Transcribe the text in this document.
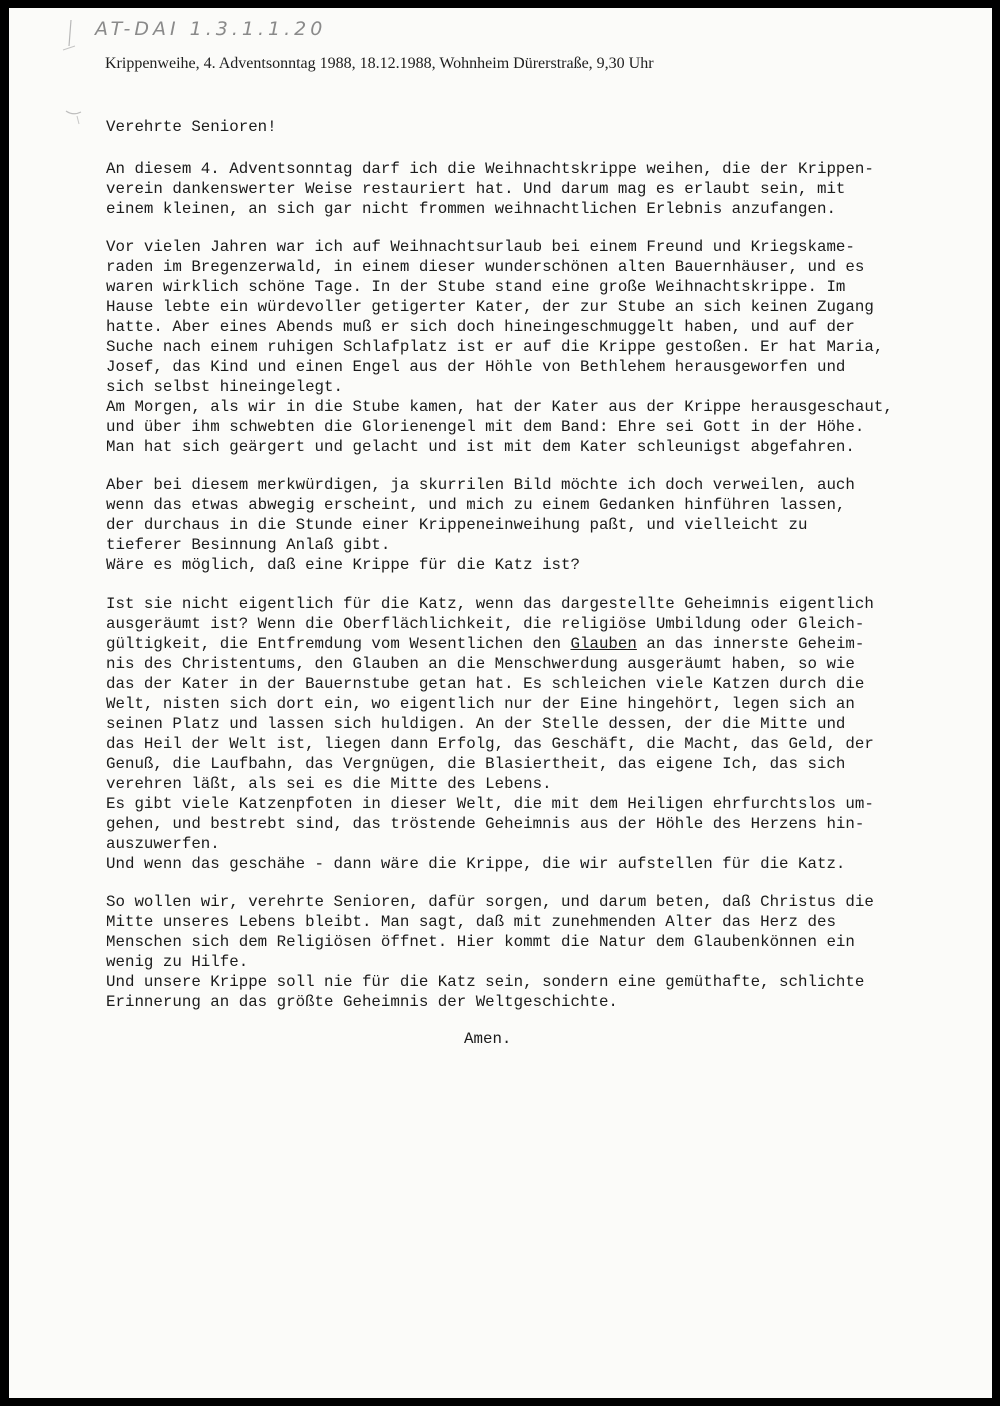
AT-DAI 1.3.1.1.20
Krippenweihe, 4. Adventsonntag 1988, 18.12.1988, Wohnheim Dürerstraße, 9,30 Uhr
Verehrte Senioren!
An diesem 4. Adventsonntag darf ich die Weihnachtskrippe weihen, die der Krippen-
verein dankenswerter Weise restauriert hat. Und darum mag es erlaubt sein, mit
einem kleinen, an sich gar nicht frommen weihnachtlichen Erlebnis anzufangen.
Vor vielen Jahren war ich auf Weihnachtsurlaub bei einem Freund und Kriegskame-
raden im Bregenzerwald, in einem dieser wunderschönen alten Bauernhäuser, und es
waren wirklich schöne Tage. In der Stube stand eine große Weihnachtskrippe. Im
Hause lebte ein würdevoller getigerter Kater, der zur Stube an sich keinen Zugang
hatte. Aber eines Abends muß er sich doch hineingeschmuggelt haben, und auf der
Suche nach einem ruhigen Schlafplatz ist er auf die Krippe gestoßen. Er hat Maria,
Josef, das Kind und einen Engel aus der Höhle von Bethlehem herausgeworfen und
sich selbst hineingelegt.
Am Morgen, als wir in die Stube kamen, hat der Kater aus der Krippe herausgeschaut,
und über ihm schwebten die Glorienengel mit dem Band: Ehre sei Gott in der Höhe.
Man hat sich geärgert und gelacht und ist mit dem Kater schleunigst abgefahren.
Aber bei diesem merkwürdigen, ja skurrilen Bild möchte ich doch verweilen, auch
wenn das etwas abwegig erscheint, und mich zu einem Gedanken hinführen lassen,
der durchaus in die Stunde einer Krippeneinweihung paßt, und vielleicht zu
tieferer Besinnung Anlaß gibt.
Wäre es möglich, daß eine Krippe für die Katz ist?
Ist sie nicht eigentlich für die Katz, wenn das dargestellte Geheimnis eigentlich
ausgeräumt ist? Wenn die Oberflächlichkeit, die religiöse Umbildung oder Gleich-
gültigkeit, die Entfremdung vom Wesentlichen den Glauben an das innerste Geheim-
nis des Christentums, den Glauben an die Menschwerdung ausgeräumt haben, so wie
das der Kater in der Bauernstube getan hat. Es schleichen viele Katzen durch die
Welt, nisten sich dort ein, wo eigentlich nur der Eine hingehört, legen sich an
seinen Platz und lassen sich huldigen. An der Stelle dessen, der die Mitte und
das Heil der Welt ist, liegen dann Erfolg, das Geschäft, die Macht, das Geld, der
Genuß, die Laufbahn, das Vergnügen, die Blasiertheit, das eigene Ich, das sich
verehren läßt, als sei es die Mitte des Lebens.
Es gibt viele Katzenpfoten in dieser Welt, die mit dem Heiligen ehrfurchtslos um-
gehen, und bestrebt sind, das tröstende Geheimnis aus der Höhle des Herzens hin-
auszuwerfen.
Und wenn das geschähe - dann wäre die Krippe, die wir aufstellen für die Katz.
So wollen wir, verehrte Senioren, dafür sorgen, und darum beten, daß Christus die
Mitte unseres Lebens bleibt. Man sagt, daß mit zunehmenden Alter das Herz des
Menschen sich dem Religiösen öffnet. Hier kommt die Natur dem Glaubenkönnen ein
wenig zu Hilfe.
Und unsere Krippe soll nie für die Katz sein, sondern eine gemüthafte, schlichte
Erinnerung an das größte Geheimnis der Weltgeschichte.
Amen.
